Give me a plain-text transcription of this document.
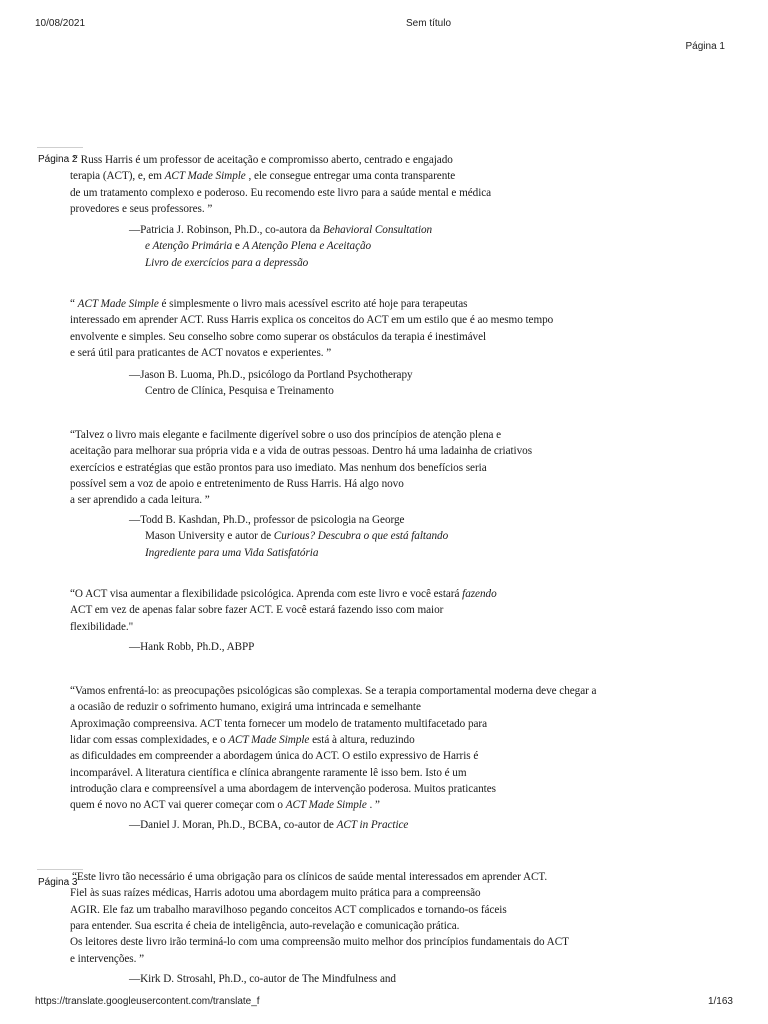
10/08/2021	Sem título
Página 1
Página 2
Página 3
“ Russ Harris é um professor de aceitação e compromisso aberto, centrado e engajado
terapia (ACT), e, em ACT Made Simple , ele consegue entregar uma conta transparente
de um tratamento complexo e poderoso. Eu recomendo este livro para a saúde mental e médica
provedores e seus professores. ”
—Patricia J. Robinson, Ph.D., co-autora da Behavioral Consultation
e Atenção Primária e A Atenção Plena e Aceitação
Livro de exercícios para a depressão
“ ACT Made Simple é simplesmente o livro mais acessível escrito até hoje para terapeutas
interessado em aprender ACT. Russ Harris explica os conceitos do ACT em um estilo que é ao mesmo tempo
envolvente e simples. Seu conselho sobre como superar os obstáculos da terapia é inestimável
e será útil para praticantes de ACT novatos e experientes. ”
—Jason B. Luoma, Ph.D., psicólogo da Portland Psychotherapy
Centro de Clínica, Pesquisa e Treinamento
“Talvez o livro mais elegante e facilmente digerível sobre o uso dos princípios de atenção plena e
aceitação para melhorar sua própria vida e a vida de outras pessoas. Dentro há uma ladainha de criativos
exercícios e estratégias que estão prontos para uso imediato. Mas nenhum dos benefícios seria
possível sem a voz de apoio e entretenimento de Russ Harris. Há algo novo
a ser aprendido a cada leitura. ”
—Todd B. Kashdan, Ph.D., professor de psicologia na George
Mason University e autor de Curious? Descubra o que está faltando
Ingrediente para uma Vida Satisfatória
“O ACT visa aumentar a flexibilidade psicológica. Aprenda com este livro e você estará fazendo
ACT em vez de apenas falar sobre fazer ACT. E você estará fazendo isso com maior
flexibilidade."
—Hank Robb, Ph.D., ABPP
“Vamos enfrentá-lo: as preocupações psicológicas são complexas. Se a terapia comportamental moderna deve chegar a
a ocasião de reduzir o sofrimento humano, exigirá uma intrincada e semelhante
Aproximação compreensiva. ACT tenta fornecer um modelo de tratamento multifacetado para
lidar com essas complexidades, e o ACT Made Simple está à altura, reduzindo
as dificuldades em compreender a abordagem única do ACT. O estilo expressivo de Harris é
incomparável. A literatura científica e clínica abrangente raramente lê isso bem. Isto é um
introdução clara e compreensível a uma abordagem de intervenção poderosa. Muitos praticantes
quem é novo no ACT vai querer começar com o ACT Made Simple . ”
—Daniel J. Moran, Ph.D., BCBA, co-autor de ACT in Practice
“Este livro tão necessário é uma obrigação para os clínicos de saúde mental interessados em aprender ACT.
Fiel às suas raízes médicas, Harris adotou uma abordagem muito prática para a compreensão
AGIR. Ele faz um trabalho maravilhoso pegando conceitos ACT complicados e tornando-os fáceis
para entender. Sua escrita é cheia de inteligência, auto-revelação e comunicação prática.
Os leitores deste livro irão terminá-lo com uma compreensão muito melhor dos princípios fundamentais do ACT
e intervenções. ”
—Kirk D. Strosahl, Ph.D., co-autor de The Mindfulness and
https://translate.googleusercontent.com/translate_f	1/163
